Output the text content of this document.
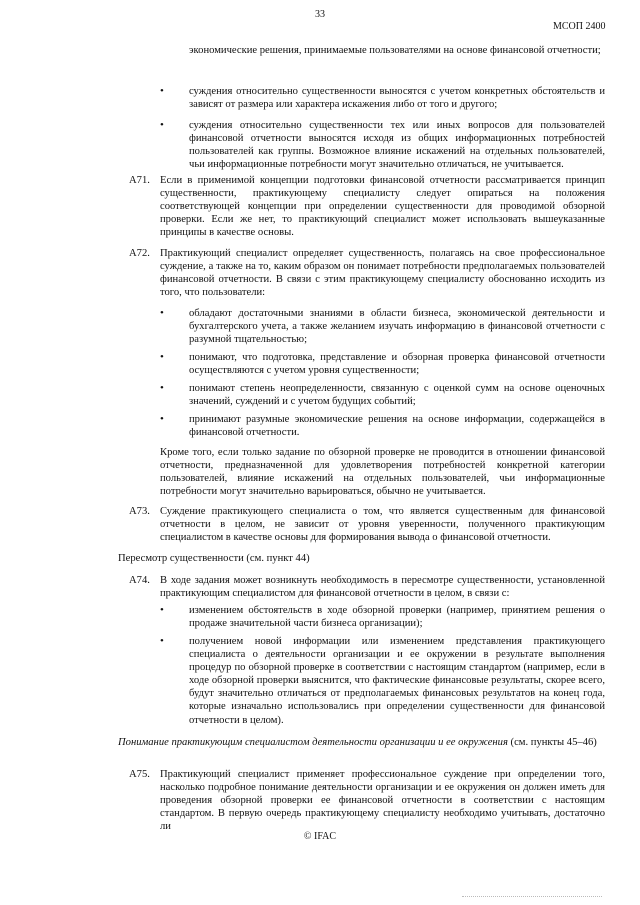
33
МСОП 2400
экономические решения, принимаемые пользователями на основе финансовой отчетности;
•	суждения относительно существенности выносятся с учетом конкретных обстоятельств и зависят от размера или характера искажения либо от того и другого;
•	суждения относительно существенности тех или иных вопросов для пользователей финансовой отчетности выносятся исходя из общих информационных потребностей пользователей как группы. Возможное влияние искажений на отдельных пользователей, чьи информационные потребности могут значительно отличаться, не учитывается.
A71. Если в применимой концепции подготовки финансовой отчетности рассматривается принцип существенности, практикующему специалисту следует опираться на положения соответствующей концепции при определении существенности для проводимой обзорной проверки. Если же нет, то практикующий специалист может использовать вышеуказанные принципы в качестве основы.
A72. Практикующий специалист определяет существенность, полагаясь на свое профессиональное суждение, а также на то, каким образом он понимает потребности предполагаемых пользователей финансовой отчетности. В связи с этим практикующему специалисту обоснованно исходить из того, что пользователи:
•	обладают достаточными знаниями в области бизнеса, экономической деятельности и бухгалтерского учета, а также желанием изучать информацию в финансовой отчетности с разумной тщательностью;
•	понимают, что подготовка, представление и обзорная проверка финансовой отчетности осуществляются с учетом уровня существенности;
•	понимают степень неопределенности, связанную с оценкой сумм на основе оценочных значений, суждений и с учетом будущих событий;
•	принимают разумные экономические решения на основе информации, содержащейся в финансовой отчетности.
Кроме того, если только задание по обзорной проверке не проводится в отношении финансовой отчетности, предназначенной для удовлетворения потребностей конкретной категории пользователей, влияние искажений на отдельных пользователей, чьи информационные потребности могут значительно варьироваться, обычно не учитывается.
A73. Суждение практикующего специалиста о том, что является существенным для финансовой отчетности в целом, не зависит от уровня уверенности, полученного практикующим специалистом в качестве основы для формирования вывода о финансовой отчетности.
Пересмотр существенности (см. пункт 44)
A74. В ходе задания может возникнуть необходимость в пересмотре существенности, установленной практикующим специалистом для финансовой отчетности в целом, в связи с:
•	изменением обстоятельств в ходе обзорной проверки (например, принятием решения о продаже значительной части бизнеса организации);
•	получением новой информации или изменением представления практикующего специалиста о деятельности организации и ее окружении в результате выполнения процедур по обзорной проверке в соответствии с настоящим стандартом (например, если в ходе обзорной проверки выяснится, что фактические финансовые результаты, скорее всего, будут значительно отличаться от предполагаемых финансовых результатов на конец года, которые изначально использовались при определении существенности для финансовой отчетности в целом).
Понимание практикующим специалистом деятельности организации и ее окружения (см. пункты 45–46)
A75. Практикующий специалист применяет профессиональное суждение при определении того, насколько подробное понимание деятельности организации и ее окружения он должен иметь для проведения обзорной проверки ее финансовой отчетности в соответствии с настоящим стандартом. В первую очередь практикующему специалисту необходимо учитывать, достаточно ли
© IFAC
